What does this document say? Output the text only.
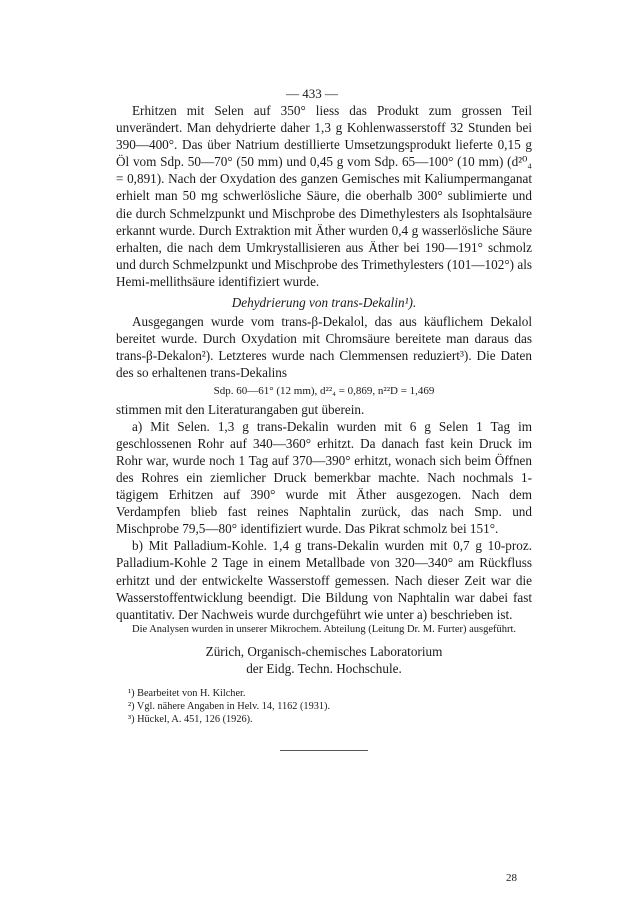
— 433 —

Erhitzen mit Selen auf 350° liess das Produkt zum grossen Teil unverändert. Man dehydrierte daher 1,3 g Kohlenwasserstoff 32 Stunden bei 390—400°. Das über Natrium destillierte Umsetzungsprodukt lieferte 0,15 g Öl vom Sdp. 50—70° (50 mm) und 0,45 g vom Sdp. 65—100° (10 mm) (d²⁰₄ = 0,891). Nach der Oxydation des ganzen Gemisches mit Kaliumpermanganat erhielt man 50 mg schwerlösliche Säure, die oberhalb 300° sublimierte und die durch Schmelzpunkt und Mischprobe des Dimethylesters als Isophtalsäure erkannt wurde. Durch Extraktion mit Äther wurden 0,4 g wasserlösliche Säure erhalten, die nach dem Umkrystallisieren aus Äther bei 190—191° schmolz und durch Schmelzpunkt und Mischprobe des Trimethylesters (101—102°) als Hemi-mellithsäure identifiziert wurde.

Dehydrierung von trans-Dekalin¹).

Ausgegangen wurde vom trans-β-Dekalol, das aus käuflichem Dekalol bereitet wurde. Durch Oxydation mit Chromsäure bereitete man daraus das trans-β-Dekalon²). Letzteres wurde nach Clemmensen reduziert³). Die Daten des so erhaltenen trans-Dekalins

Sdp. 60—61° (12 mm), d²²₄ = 0,869, n²²D = 1,469

stimmen mit den Literaturangaben gut überein.

a) Mit Selen. 1,3 g trans-Dekalin wurden mit 6 g Selen 1 Tag im geschlossenen Rohr auf 340—360° erhitzt. Da danach fast kein Druck im Rohr war, wurde noch 1 Tag auf 370—390° erhitzt, wonach sich beim Öffnen des Rohres ein ziemlicher Druck bemerkbar machte. Nach nochmals 1-tägigem Erhitzen auf 390° wurde mit Äther ausgezogen. Nach dem Verdampfen blieb fast reines Naphtalin zurück, das nach Smp. und Mischprobe 79,5—80° identifiziert wurde. Das Pikrat schmolz bei 151°.

b) Mit Palladium-Kohle. 1,4 g trans-Dekalin wurden mit 0,7 g 10-proz. Palladium-Kohle 2 Tage in einem Metallbade von 320—340° am Rückfluss erhitzt und der entwickelte Wasserstoff gemessen. Nach dieser Zeit war die Wasserstoffentwicklung beendigt. Die Bildung von Naphtalin war dabei fast quantitativ. Der Nachweis wurde durchgeführt wie unter a) beschrieben ist.

Die Analysen wurden in unserer Mikrochem. Abteilung (Leitung Dr. M. Furter) ausgeführt.

Zürich, Organisch-chemisches Laboratorium
der Eidg. Techn. Hochschule.

¹) Bearbeitet von H. Kilcher.
²) Vgl. nähere Angaben in Helv. 14, 1162 (1931).
³) Hückel, A. 451, 126 (1926).
28
